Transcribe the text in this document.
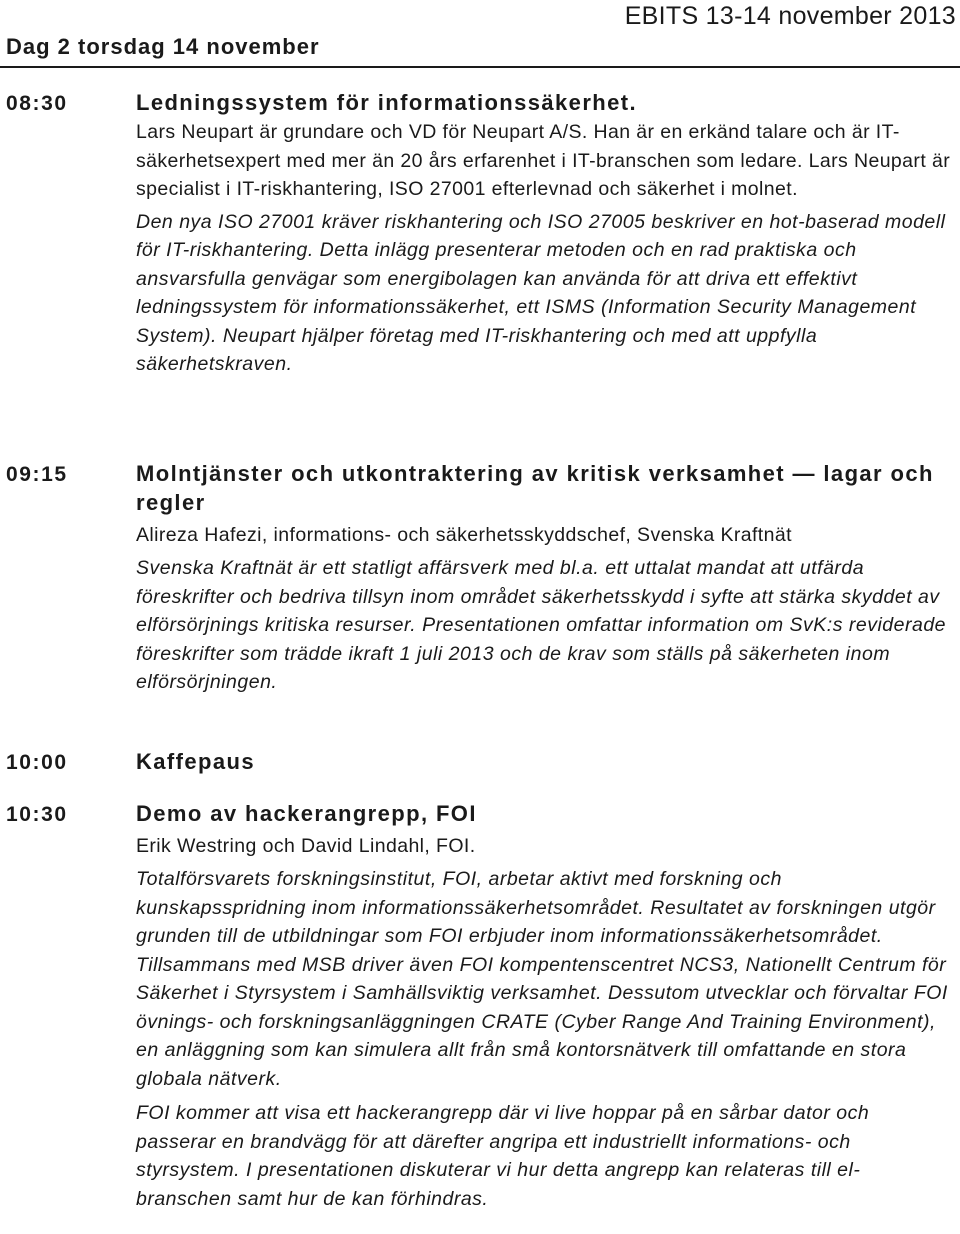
Dag 2 torsdag 14 november
EBITS 13-14 november 2013
08:30	Ledningssystem för informationssäkerhet.

Lars Neupart är grundare och VD för Neupart A/S. Han är en erkänd talare och är IT-säkerhetsexpert med mer än 20 års erfarenhet i IT-branschen som ledare. Lars Neupart är specialist i IT-riskhantering, ISO 27001 efterlevnad och säkerhet i molnet.

Den nya ISO 27001 kräver riskhantering och ISO 27005 beskriver en hot-baserad modell för IT-riskhantering. Detta inlägg presenterar metoden och en rad praktiska och ansvarsfulla genvägar som energibolagen kan använda för att driva ett effektivt ledningssystem för informationssäkerhet, ett ISMS (Information Security Management System). Neupart hjälper företag med IT-riskhantering och med att uppfylla säkerhetskraven.

09:15	Molntjänster och utkontraktering av kritisk verksamhet — lagar och regler

Alireza Hafezi, informations- och säkerhetsskyddschef, Svenska Kraftnät

Svenska Kraftnät är ett statligt affärsverk med bl.a. ett uttalat mandat att utfärda föreskrifter och bedriva tillsyn inom området säkerhetsskydd i syfte att stärka skyddet av elförsörjnings kritiska resurser. Presentationen omfattar information om SvK:s reviderade föreskrifter som trädde ikraft 1 juli 2013 och de krav som ställs på säkerheten inom elförsörjningen.

10:00	Kaffepaus

10:30	Demo av hackerangrepp, FOI

Erik Westring och David Lindahl, FOI.

Totalförsvarets forskningsinstitut, FOI, arbetar aktivt med forskning och kunskapsspridning inom informationssäkerhetsområdet. Resultatet av forskningen utgör grunden till de utbildningar som FOI erbjuder inom informationssäkerhetsområdet. Tillsammans med MSB driver även FOI kompentenscentret NCS3, Nationellt Centrum för Säkerhet i Styrsystem i Samhällsviktig verksamhet. Dessutom utvecklar och förvaltar FOI övnings- och forskningsanläggningen CRATE (Cyber Range And Training Environment), en anläggning som kan simulera allt från små kontorsnätverk till omfattande en stora globala nätverk.

FOI kommer att visa ett hackerangrepp där vi live hoppar på en sårbar dator och passerar en brandvägg för att därefter angripa ett industriellt informations- och styrsystem. I presentationen diskuterar vi hur detta angrepp kan relateras till el-branschen samt hur de kan förhindras.
